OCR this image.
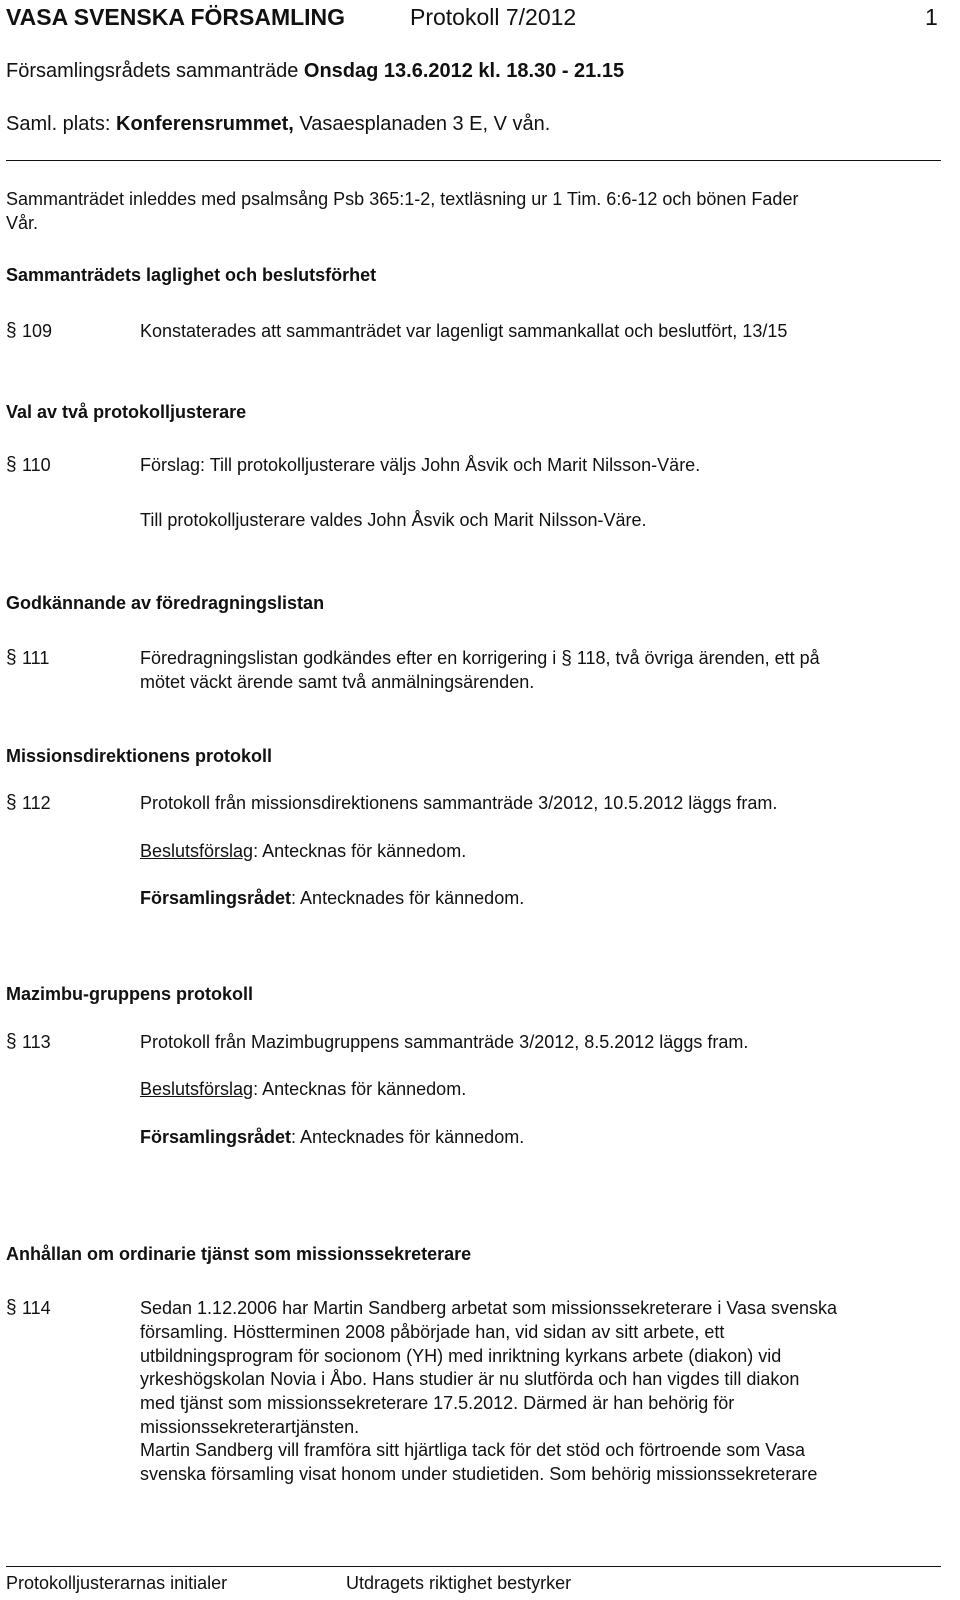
VASA SVENSKA FÖRSAMLING	Protokoll 7/2012	1
Församlingsrådets sammanträde Onsdag 13.6.2012 kl. 18.30 - 21.15
Saml. plats: Konferensrummet, Vasaesplanaden 3 E, V vån.
Sammanträdet inleddes med psalmsång Psb 365:1-2, textläsning ur 1 Tim. 6:6-12 och bönen Fader
Vår.
Sammanträdets laglighet och beslutsförhet
§ 109	Konstaterades att sammanträdet var lagenligt sammankallat och beslutfört, 13/15
Val av två protokolljusterare
§ 110	Förslag: Till protokolljusterare väljs John Åsvik och Marit Nilsson-Väre.
Till protokolljusterare valdes John Åsvik och Marit Nilsson-Väre.
Godkännande av föredragningslistan
§ 111	Föredragningslistan godkändes efter en korrigering i § 118, två övriga ärenden, ett på
mötet väckt ärende samt två anmälningsärenden.
Missionsdirektionens protokoll
§ 112	Protokoll från missionsdirektionens sammanträde 3/2012, 10.5.2012 läggs fram.
Beslutsförslag: Antecknas för kännedom.
Församlingsrådet: Antecknades för kännedom.
Mazimbu-gruppens protokoll
§ 113	Protokoll från Mazimbugruppens sammanträde 3/2012, 8.5.2012 läggs fram.
Beslutsförslag: Antecknas för kännedom.
Församlingsrådet: Antecknades för kännedom.
Anhållan om ordinarie tjänst som missionssekreterare
§ 114	Sedan 1.12.2006 har Martin Sandberg arbetat som missionssekreterare i Vasa svenska
församling. Höstterminen 2008 påbörjade han, vid sidan av sitt arbete, ett
utbildningsprogram för socionom (YH) med inriktning kyrkans arbete (diakon) vid
yrkeshögskolan Novia i Åbo. Hans studier är nu slutförda och han vigdes till diakon
med tjänst som missionssekreterare 17.5.2012. Därmed är han behörig för
missionssekreterartjänsten.
Martin Sandberg vill framföra sitt hjärtliga tack för det stöd och förtroende som Vasa
svenska församling visat honom under studietiden. Som behörig missionssekreterare
Protokolljusterarnas initialer	Utdragets riktighet bestyrker
